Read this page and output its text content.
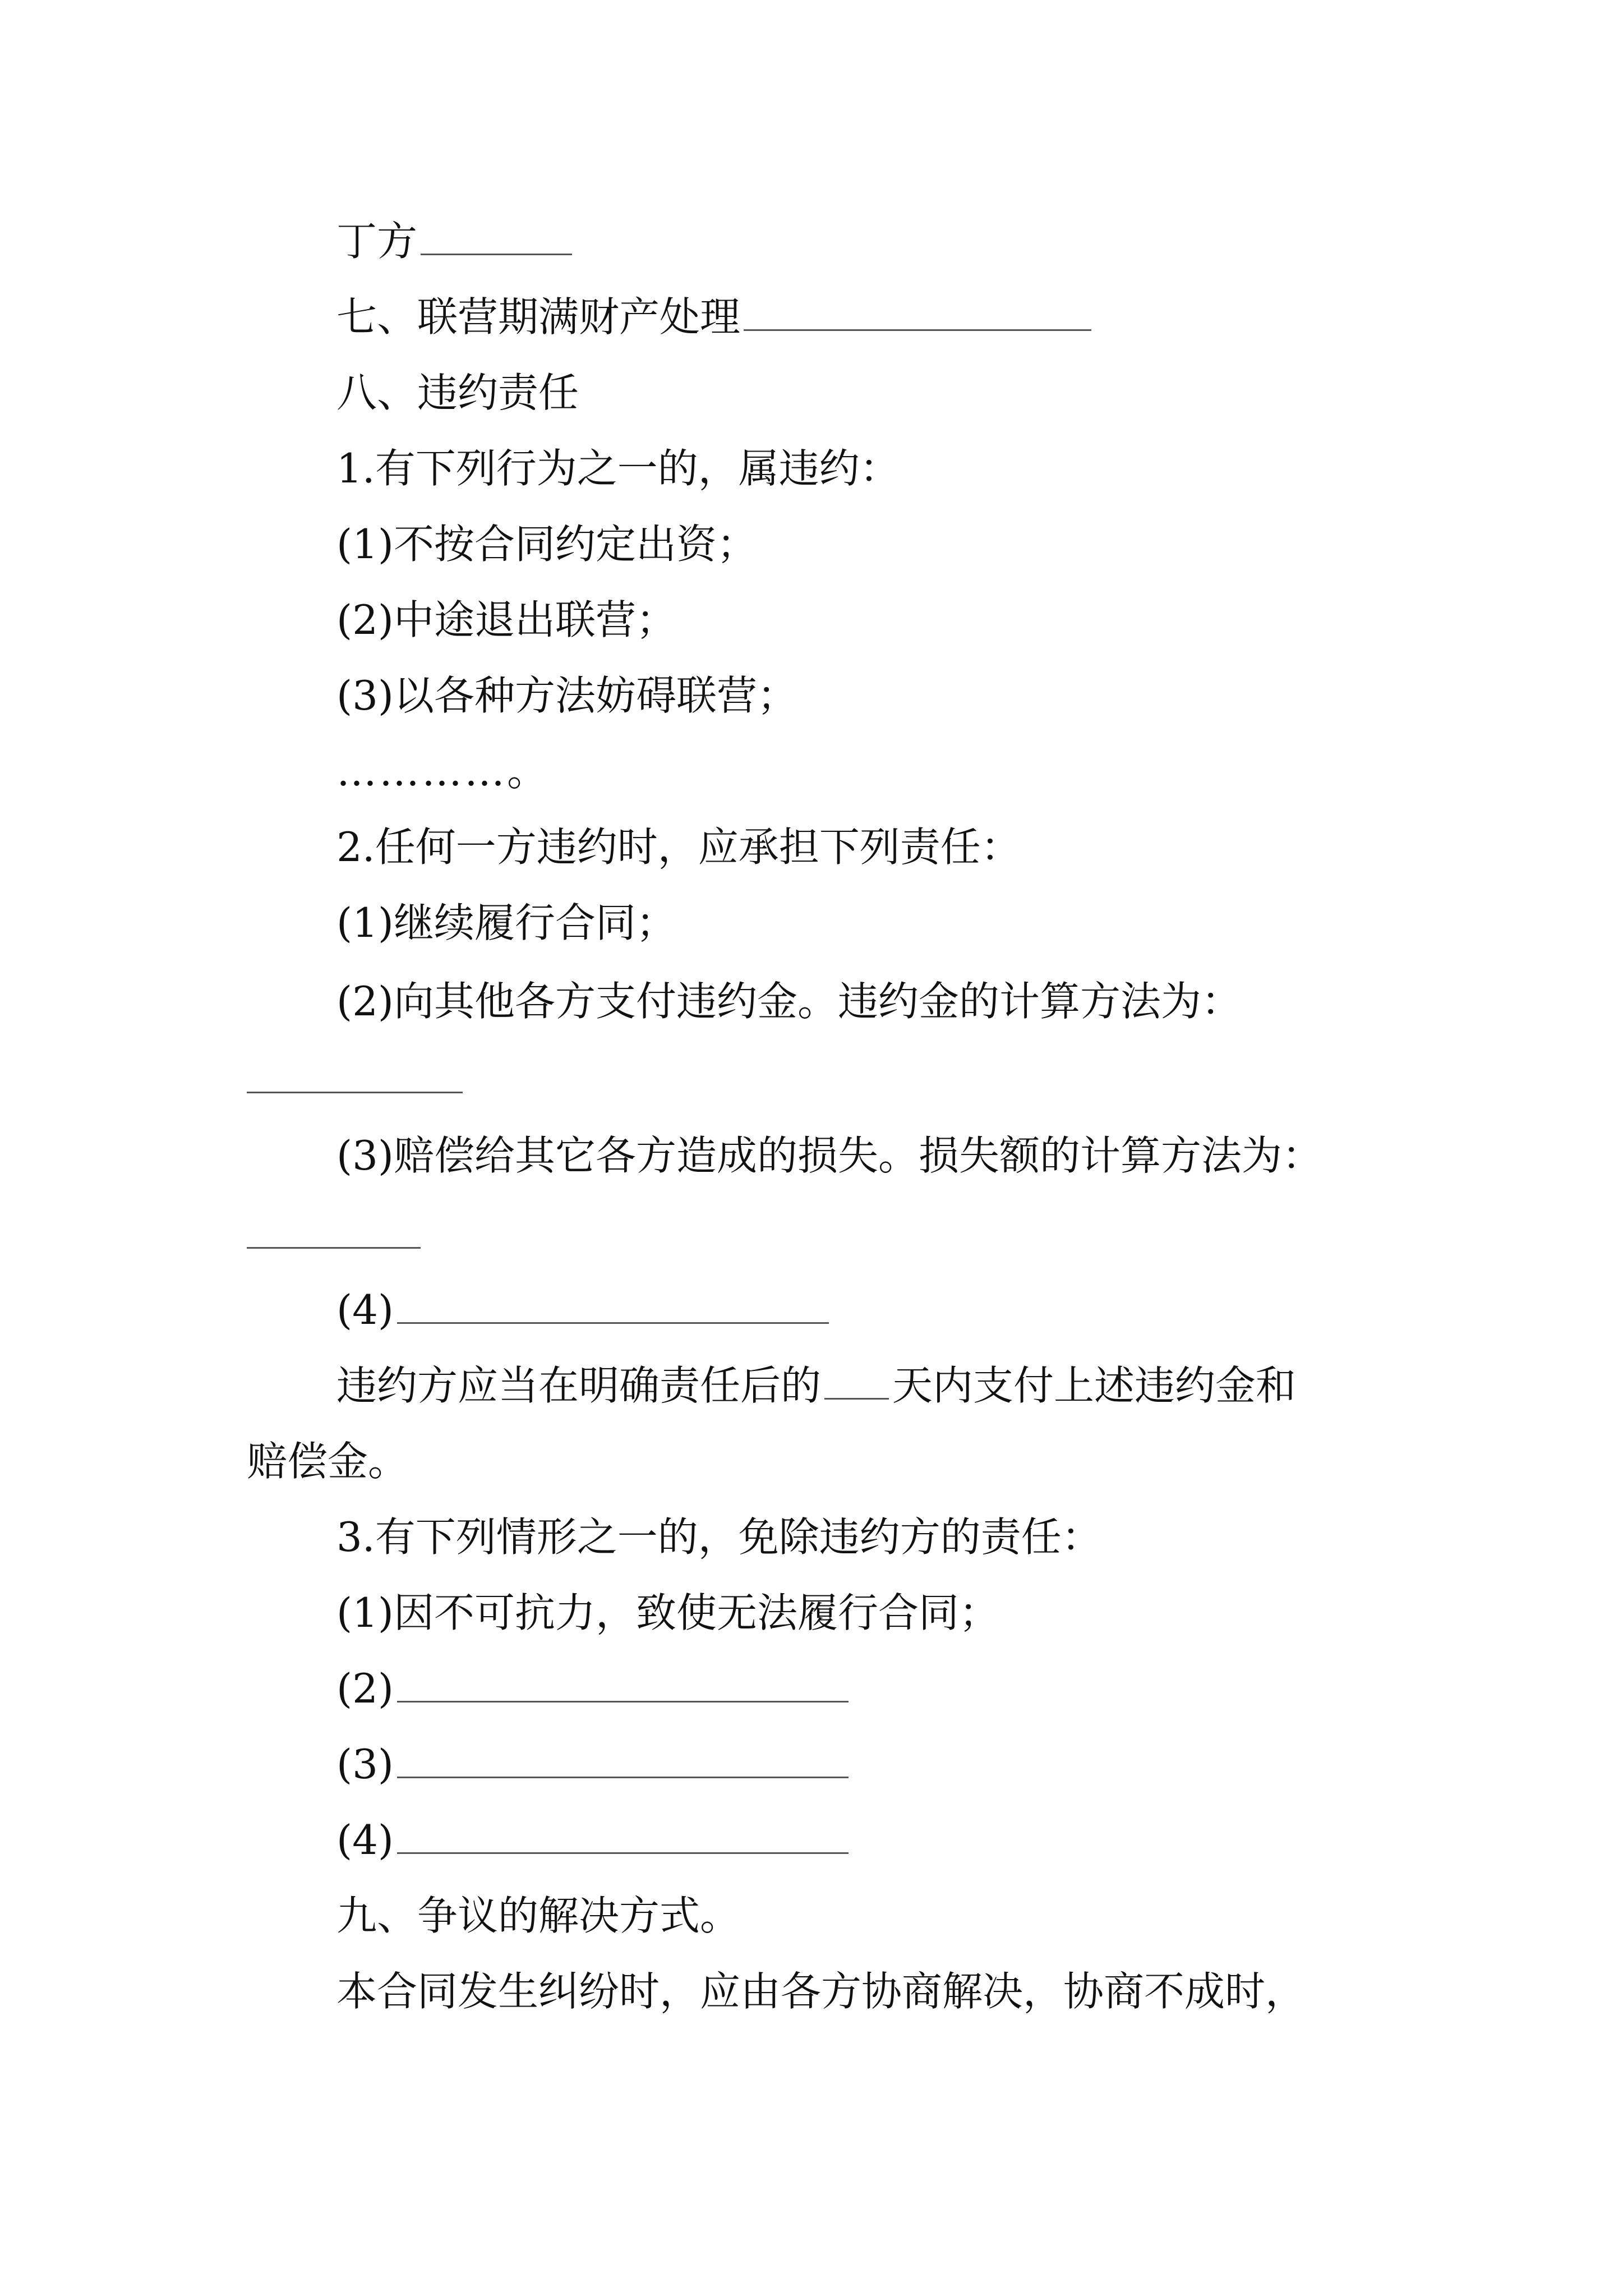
丁方
七、联营期满财产处理
八、违约责任
1.有下列行为之一的，属违约：
(1)不按合同约定出资；
(2)中途退出联营；
(3)以各种方法妨碍联营；
…………。
2.任何一方违约时，应承担下列责任：
(1)继续履行合同；
(2)向其他各方支付违约金。违约金的计算方法为：
(3)赔偿给其它各方造成的损失。损失额的计算方法为：
(4)
违约方应当在明确责任后的 天内支付上述违约金和
赔偿金。
3.有下列情形之一的，免除违约方的责任：
(1)因不可抗力，致使无法履行合同；
(2)
(3)
(4)
九、争议的解决方式。
本合同发生纠纷时，应由各方协商解决，协商不成时，
